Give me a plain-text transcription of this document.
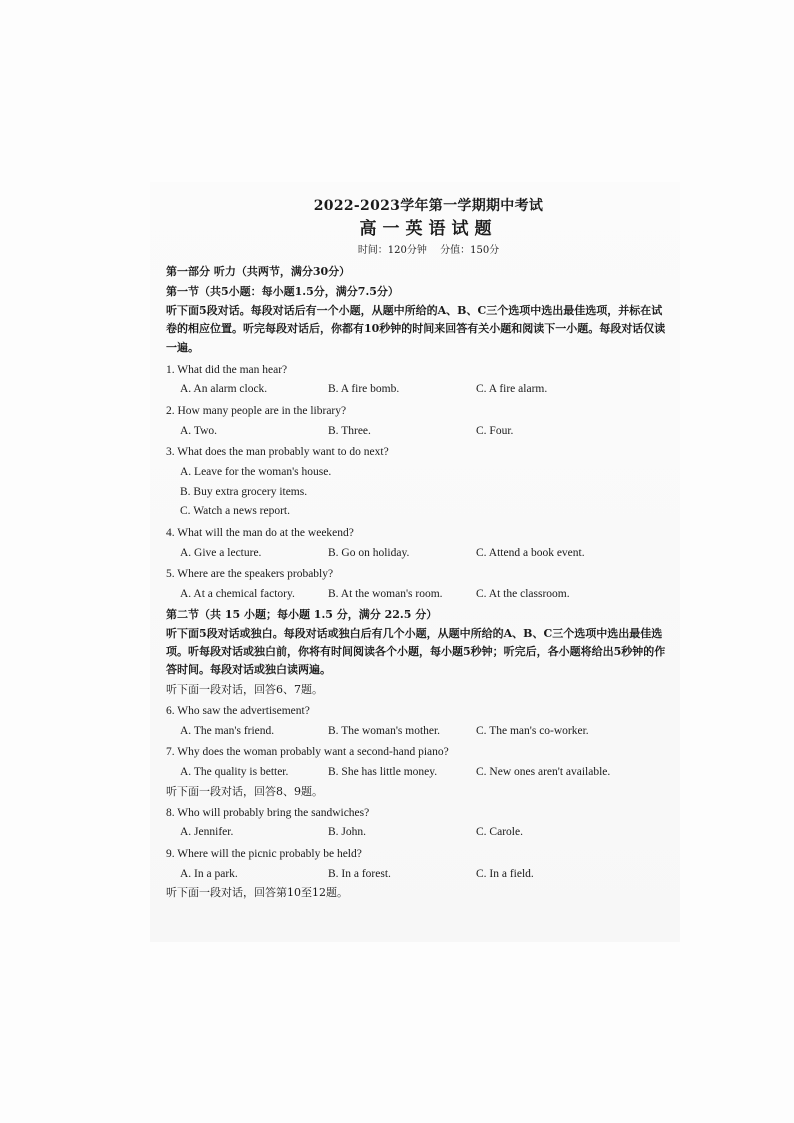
2022-2023学年第一学期期中考试
高一英语试题
时间：120分钟 分值：150分
第一部分 听力（共两节，满分30分）
第一节（共5小题：每小题1.5分，满分7.5分）
听下面5段对话。每段对话后有一个小题，从题中所给的A、B、C三个选项中选出最佳选项，并标在试卷的相应位置。听完每段对话后，你都有10秒钟的时间来回答有关小题和阅读下一小题。每段对话仅读一遍。
1. What did the man hear?
A. An alarm clock.	B. A fire bomb.	C. A fire alarm.
2. How many people are in the library?
A. Two.	B. Three.	C. Four.
3. What does the man probably want to do next?
A. Leave for the woman's house.
B. Buy extra grocery items.
C. Watch a news report.
4. What will the man do at the weekend?
A. Give a lecture.	B. Go on holiday.	C. Attend a book event.
5. Where are the speakers probably?
A. At a chemical factory.	B. At the woman's room.	C. At the classroom.
第二节（共 15 小题；每小题 1.5 分，满分 22.5 分）
听下面5段对话或独白。每段对话或独白后有几个小题，从题中所给的A、B、C三个选项中选出最佳选项。听每段对话或独白前，你将有时间阅读各个小题，每小题5秒钟；听完后，各小题将给出5秒钟的作答时间。每段对话或独白读两遍。
听下面一段对话，回答6、7题。
6. Who saw the advertisement?
A. The man's friend.	B. The woman's mother.	C. The man's co-worker.
7. Why does the woman probably want a second-hand piano?
A. The quality is better.	B. She has little money.	C. New ones aren't available.
听下面一段对话，回答8、9题。
8. Who will probably bring the sandwiches?
A. Jennifer.	B. John.	C. Carole.
9. Where will the picnic probably be held?
A. In a park.	B. In a forest.	C. In a field.
听下面一段对话，回答第10至12题。
